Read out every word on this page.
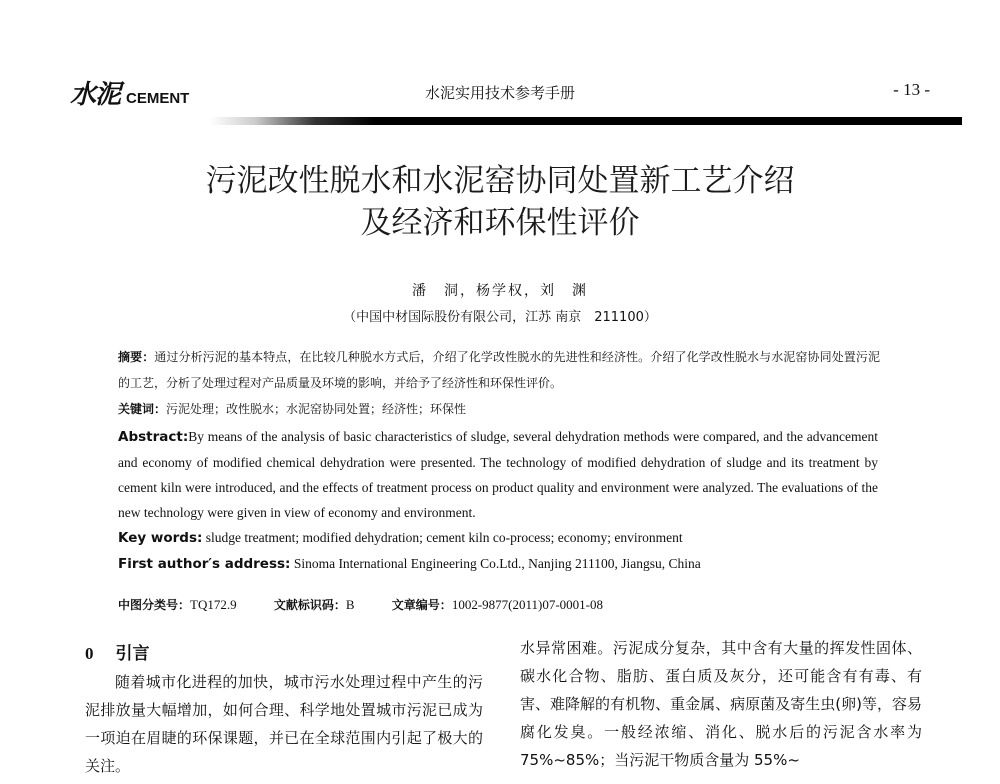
水泥 CEMENT	水泥实用技术参考手册	- 13 -
污泥改性脱水和水泥窑协同处置新工艺介绍
及经济和环保性评价
潘　洞，杨学权，刘　渊
（中国中材国际股份有限公司，江苏 南京　211100）

摘要：通过分析污泥的基本特点，在比较几种脱水方式后，介绍了化学改性脱水的先进性和经济性。介绍了化学改性脱水与水泥窑协同处置污泥的工艺，分析了处理过程对产品质量及环境的影响，并给予了经济性和环保性评价。

关键词：污泥处理；改性脱水；水泥窑协同处置；经济性；环保性

Abstract:By means of the analysis of basic characteristics of sludge, several dehydration methods were compared, and the advancement and economy of modified chemical dehydration were presented. The technology of modified dehydration of sludge and its treatment by cement kiln were introduced, and the effects of treatment process on product quality and environment were analyzed. The evaluations of the new technology were given in view of economy and environment.

Key words: sludge treatment; modified dehydration; cement kiln co-process; economy; environment

First author′s address: Sinoma International Engineering Co.Ltd., Nanjing 211100, Jiangsu, China

中图分类号：TQ172.9	文献标识码：B	文章编号：1002-9877(2011)07-0001-08
0 引言

随着城市化进程的加快，城市污水处理过程中产生的污泥排放量大幅增加，如何合理、科学地处置城市污泥已成为一项迫在眉睫的环保课题，并已在全球范围内引起了极大的关注。

水异常困难。污泥成分复杂，其中含有大量的挥发性固体、碳水化合物、脂肪、蛋白质及灰分，还可能含有有毒、有害、难降解的有机物、重金属、病原菌及寄生虫(卵)等，容易腐化发臭。一般经浓缩、消化、脱水后的污泥含水率为 75%~85%；当污泥干物质含量为 55%~
